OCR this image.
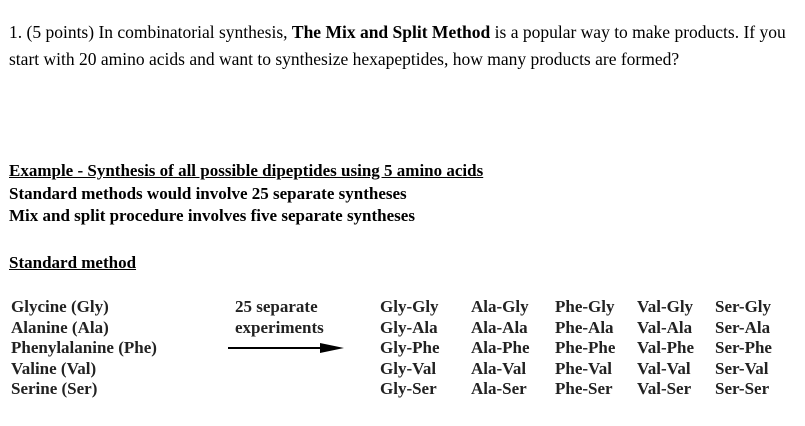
1. (5 points) In combinatorial synthesis, The Mix and Split Method is a popular way to make products. If you start with 20 amino acids and want to synthesize hexapeptides, how many products are formed?
Example - Synthesis of all possible dipeptides using 5 amino acids
Standard methods would involve 25 separate syntheses
Mix and split procedure involves five separate syntheses
Standard method
Glycine (Gly)
Alanine (Ala)
Phenylalanine (Phe)
Valine (Val)
Serine (Ser)
25 separate
experiments
Gly-Gly
Gly-Ala
Gly-Phe
Gly-Val
Gly-Ser
Ala-Gly
Ala-Ala
Ala-Phe
Ala-Val
Ala-Ser
Phe-Gly
Phe-Ala
Phe-Phe
Phe-Val
Phe-Ser
Val-Gly
Val-Ala
Val-Phe
Val-Val
Val-Ser
Ser-Gly
Ser-Ala
Ser-Phe
Ser-Val
Ser-Ser
